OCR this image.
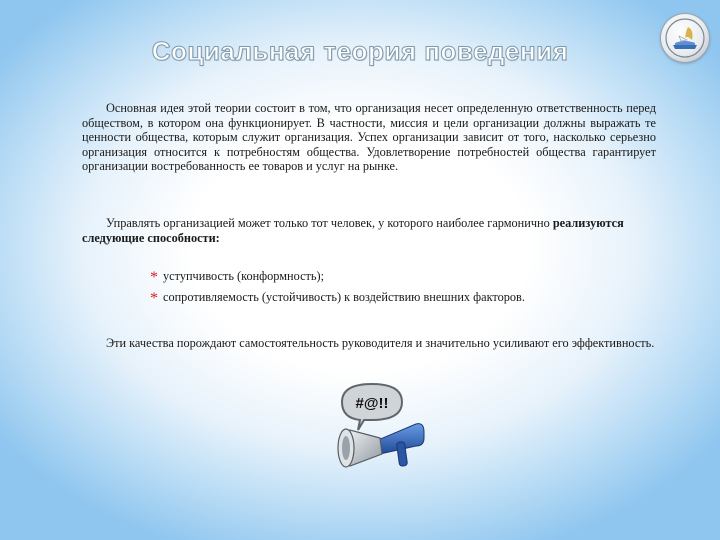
Социальная теория поведения

Основная идея этой теории состоит в том, что организация несет определенную ответственность перед обществом, в котором она функционирует. В частности, миссия и цели организации должны выражать те ценности общества, которым служит организация. Успех организации зависит от того, насколько серьезно организация относится к потребностям общества. Удовлетворение потребностей общества гарантирует организации востребованность ее товаров и услуг на рынке.

Управлять организацией может только тот человек, у которого наиболее гармонично реализуются следующие способности:

* уступчивость (конформность);
* сопротивляемость (устойчивость) к воздействию внешних факторов.

Эти качества порождают самостоятельность руководителя и значительно усиливают его эффективность.

#@!!
